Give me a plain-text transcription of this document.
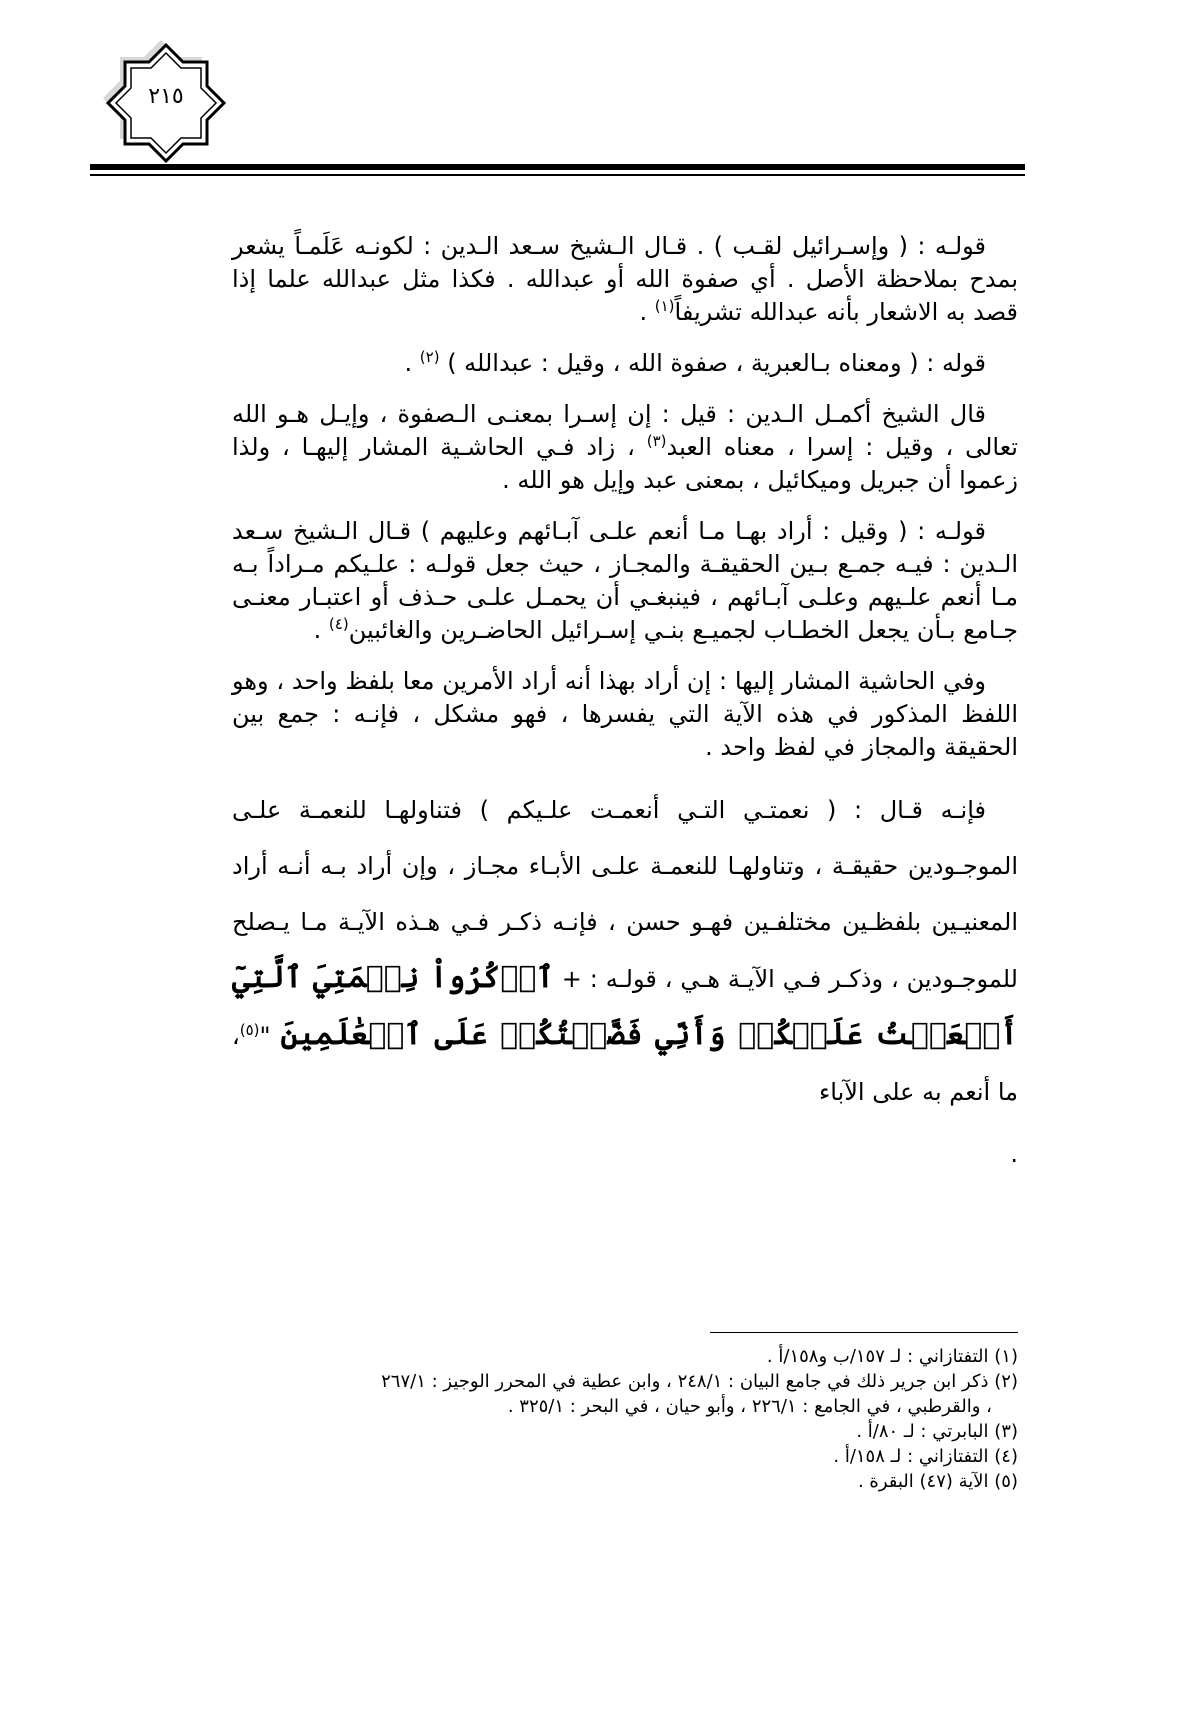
٢١٥

قولـه : ( وإسـرائيل لقـب ) . قـال الـشيخ سـعد الـدين : لكونـه عَلَمـاً يشعر بمدح بملاحظة الأصل . أي صفوة الله أو عبدالله . فكذا مثل عبدالله علما إذا قصد به الاشعار بأنه عبدالله تشريفاً$^{(١)}$ .

قوله : ( ومعناه بـالعبرية ، صفوة الله ، وقيل : عبدالله ) $^{(٢)}$ .

قال الشيخ أكمـل الـدين : قيل : إن إسـرا بمعنـى الـصفوة ، وإيـل هـو الله تعالى ، وقيل : إسرا ، معناه العبد$^{(٣)}$ ، زاد فـي الحاشـية المشار إليهـا ، ولذا زعموا أن جبريل وميكائيل ، بمعنى عبد وإيل هو الله .

قولـه : ( وقيل : أراد بهـا مـا أنعم علـى آبـائهم وعليهم ) قـال الـشيخ سـعد الـدين : فيـه جمـع بـين الحقيقـة والمجـاز ، حيث جعل قولـه : علـيكم مـراداً بـه مـا أنعم علـيهم وعلـى آبـائهم ، فينبغـي أن يحمـل علـى حـذف أو اعتبـار معنـى جـامع بـأن يجعل الخطـاب لجميـع بنـي إسـرائيل الحاضـرين والغائبين$^{(٤)}$ .

وفي الحاشية المشار إليها : إن أراد بهذا أنه أراد الأمرين معا بلفظ واحد ، وهو اللفظ المذكور في هذه الآية التي يفسرها ، فهو مشكل ، فإنـه : جمع بين الحقيقة والمجاز في لفظ واحد .

فإنـه قـال : ( نعمتـي التـي أنعمـت علـيكم ) فتناولهـا للنعمـة علـى الموجـودين حقيقـة ، وتناولهـا للنعمـة علـى الأبـاء مجـاز ، وإن أراد بـه أنـه أراد المعنيـين بلفظـين مختلفـين فهـو حسن ، فإنـه ذكـر فـي هـذه الآيـة مـا يـصلح للموجـودين ، وذكـر فـي الآيـة هـي ، قولـه : + ٱذۡكُرُواْ نِعۡمَتِيَ ٱلَّتِيٓ أَنۡعَمۡتُ عَلَيۡكُمۡ وَأَنِّي فَضَّلۡتُكُمۡ عَلَى ٱلۡعَٰلَمِينَ "$^{(٥)}$، ما أنعم به على الآباء

.

(١) التفتازاني : لـ ١٥٧/ب و١٥٨/أ .

(٢) ذكر ابن جرير ذلك في جامع البيان : ٢٤٨/١ ، وابن عطية في المحرر الوجيز : ٢٦٧/١

، والقرطبي ، في الجامع : ٢٢٦/١ ، وأبو حيان ، في البحر : ٣٢٥/١ .

(٣) البابرتي : لـ ٨٠/أ .

(٤) التفتازاني : لـ ١٥٨/أ .

(٥) الآية (٤٧) البقرة .
